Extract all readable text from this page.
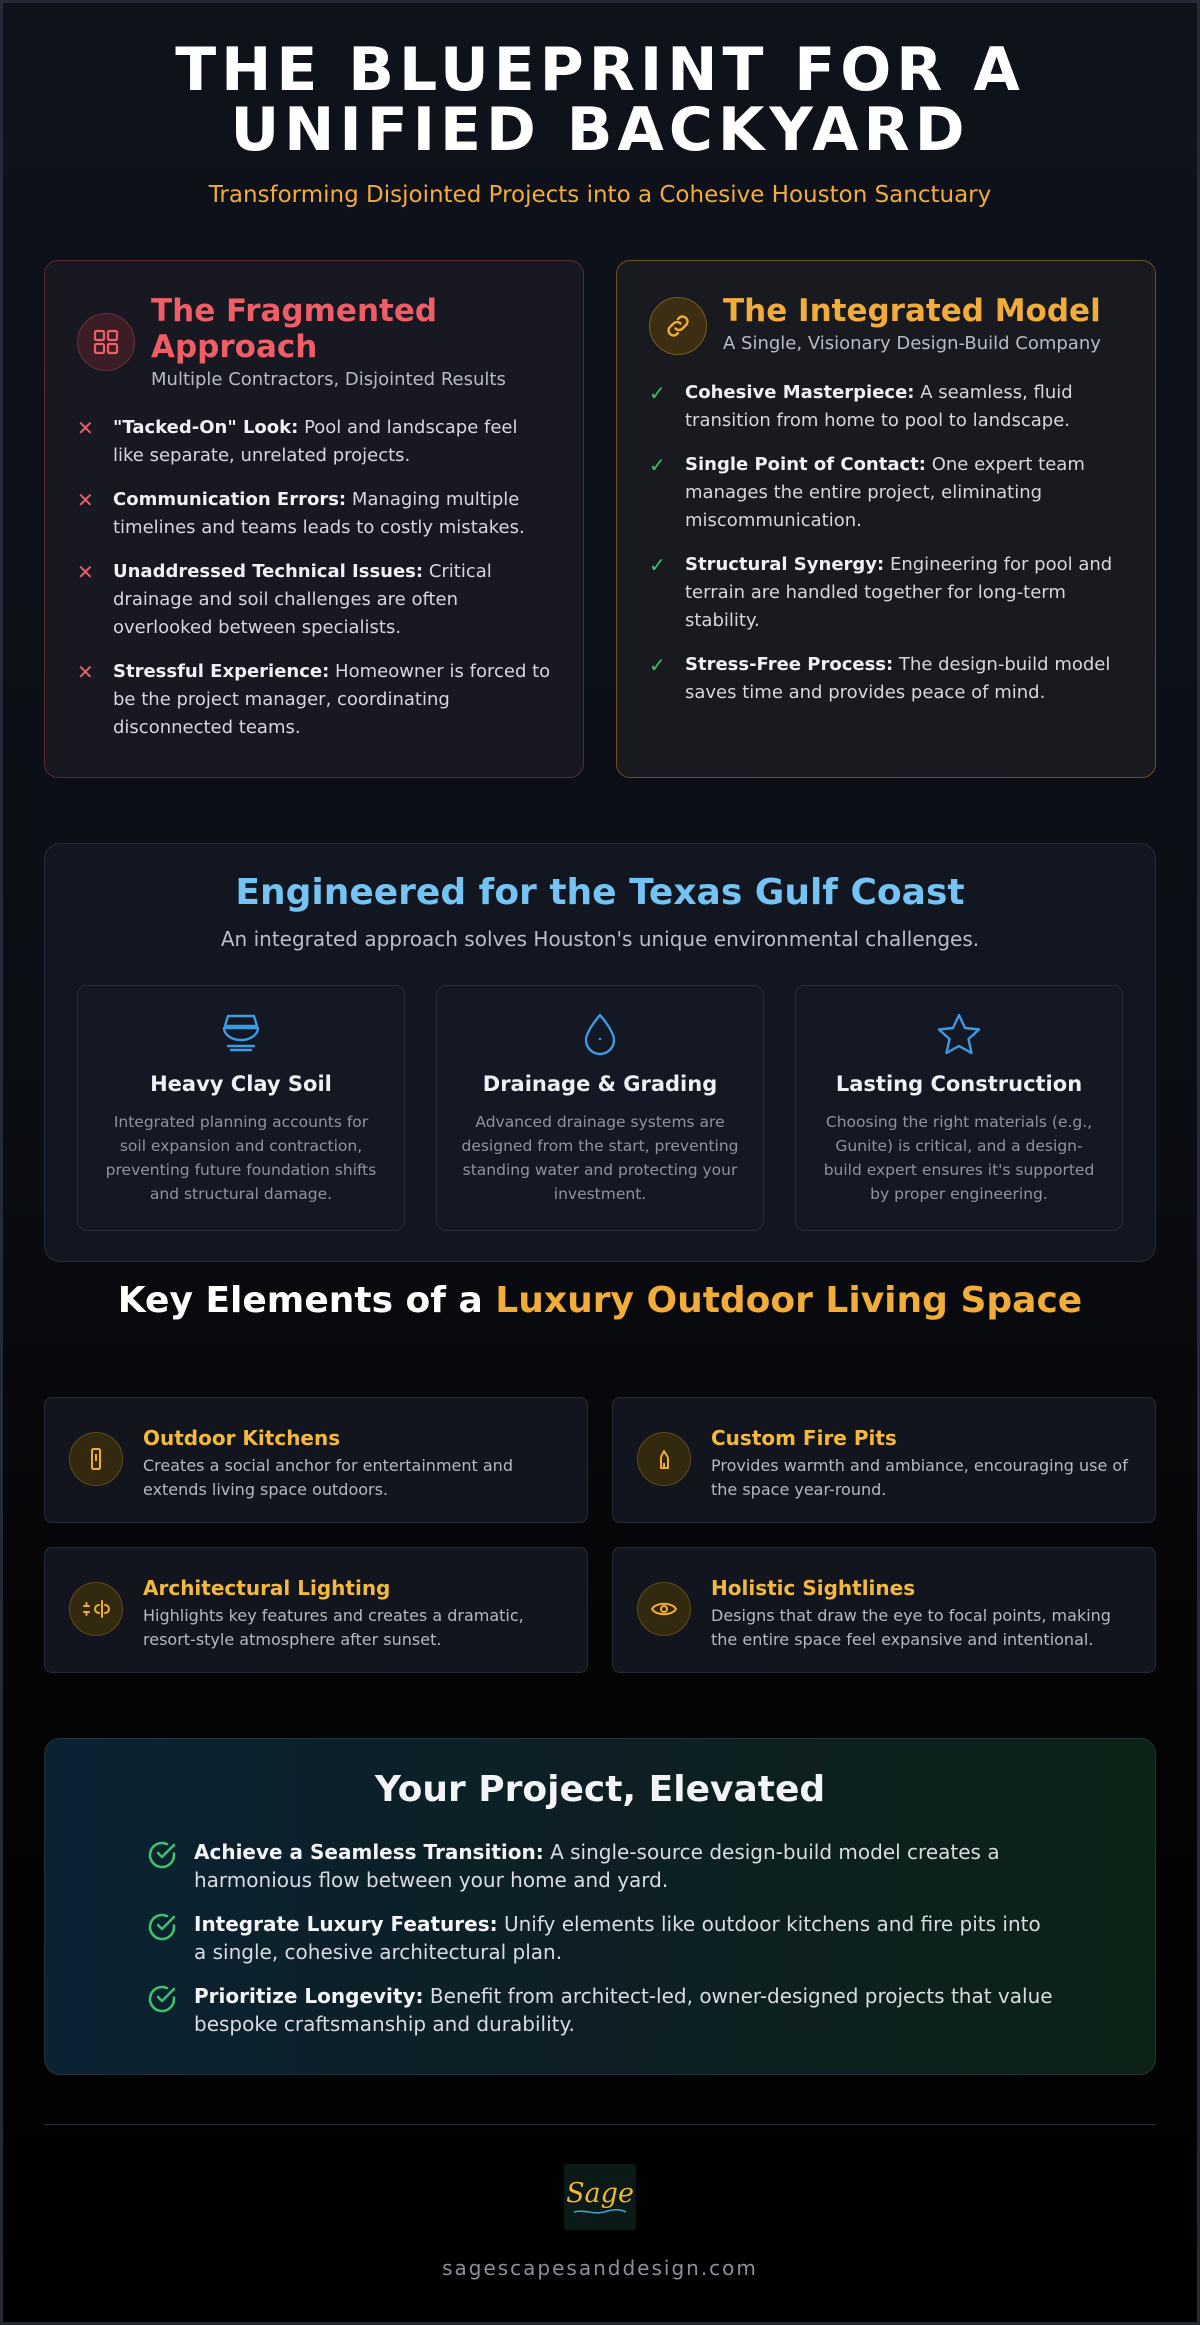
THE BLUEPRINT FOR A
UNIFIED BACKYARD
Transforming Disjointed Projects into a Cohesive Houston Sanctuary
The Fragmented Approach
Multiple Contractors, Disjointed Results
✕	"Tacked-On" Look: Pool and landscape feel like separate, unrelated projects.
✕	Communication Errors: Managing multiple timelines and teams leads to costly mistakes.
✕	Unaddressed Technical Issues: Critical drainage and soil challenges are often overlooked between specialists.
✕	Stressful Experience: Homeowner is forced to be the project manager, coordinating disconnected teams.
The Integrated Model
A Single, Visionary Design-Build Company
✓	Cohesive Masterpiece: A seamless, fluid transition from home to pool to landscape.
✓	Single Point of Contact: One expert team manages the entire project, eliminating miscommunication.
✓	Structural Synergy: Engineering for pool and terrain are handled together for long-term stability.
✓	Stress-Free Process: The design-build model saves time and provides peace of mind.
Engineered for the Texas Gulf Coast
An integrated approach solves Houston's unique environmental challenges.
Heavy Clay Soil
Integrated planning accounts for soil expansion and contraction, preventing future foundation shifts and structural damage.
Drainage & Grading
Advanced drainage systems are designed from the start, preventing standing water and protecting your investment.
Lasting Construction
Choosing the right materials (e.g., Gunite) is critical, and a design-build expert ensures it's supported by proper engineering.
Key Elements of a Luxury Outdoor Living Space
Outdoor Kitchens
Creates a social anchor for entertainment and extends living space outdoors.
Custom Fire Pits
Provides warmth and ambiance, encouraging use of the space year-round.
Architectural Lighting
Highlights key features and creates a dramatic, resort-style atmosphere after sunset.
Holistic Sightlines
Designs that draw the eye to focal points, making the entire space feel expansive and intentional.
Your Project, Elevated
Achieve a Seamless Transition: A single-source design-build model creates a harmonious flow between your home and yard.
Integrate Luxury Features: Unify elements like outdoor kitchens and fire pits into a single, cohesive architectural plan.
Prioritize Longevity: Benefit from architect-led, owner-designed projects that value bespoke craftsmanship and durability.
Sage
sagescapesanddesign.com
